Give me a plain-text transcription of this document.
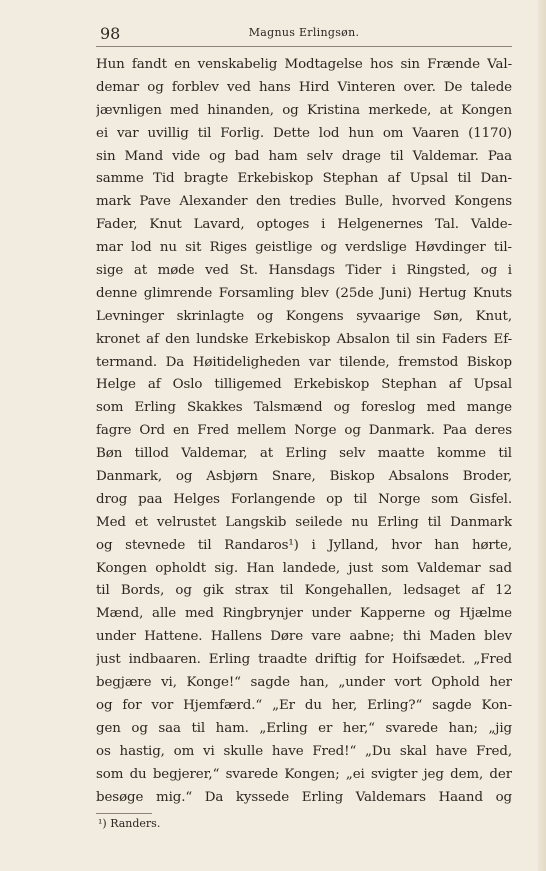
98	Magnus Erlingsøn.
Hun fandt en venskabelig Modtagelse hos sin Frænde Val-
demar og forblev ved hans Hird Vinteren over. De talede
jævnligen med hinanden, og Kristina merkede, at Kongen
ei var uvillig til Forlig. Dette lod hun om Vaaren (1170)
sin Mand vide og bad ham selv drage til Valdemar. Paa
samme Tid bragte Erkebiskop Stephan af Upsal til Dan-
mark Pave Alexander den tredies Bulle, hvorved Kongens
Fader, Knut Lavard, optoges i Helgenernes Tal. Valde-
mar lod nu sit Riges geistlige og verdslige Høvdinger til-
sige at møde ved St. Hansdags Tider i Ringsted, og i
denne glimrende Forsamling blev (25de Juni) Hertug Knuts
Levninger skrinlagte og Kongens syvaarige Søn, Knut,
kronet af den lundske Erkebiskop Absalon til sin Faders Ef-
termand. Da Høitideligheden var tilende, fremstod Biskop
Helge af Oslo tilligemed Erkebiskop Stephan af Upsal
som Erling Skakkes Talsmænd og foreslog med mange
fagre Ord en Fred mellem Norge og Danmark. Paa deres
Bøn tillod Valdemar, at Erling selv maatte komme til
Danmark, og Asbjørn Snare, Biskop Absalons Broder,
drog paa Helges Forlangende op til Norge som Gisfel.
Med et velrustet Langskib seilede nu Erling til Danmark
og stevnede til Randaros¹) i Jylland, hvor han hørte,
Kongen opholdt sig. Han landede, just som Valdemar sad
til Bords, og gik strax til Kongehallen, ledsaget af 12
Mænd, alle med Ringbrynjer under Kapperne og Hjælme
under Hattene. Hallens Døre vare aabne; thi Maden blev
just indbaaren. Erling traadte driftig for Hoifsædet. „Fred
begjære vi, Konge!“ sagde han, „under vort Ophold her
og for vor Hjemfærd.“ „Er du her, Erling?“ sagde Kon-
gen og saa til ham. „Erling er her,“ svarede han; „jig
os hastig, om vi skulle have Fred!“ „Du skal have Fred,
som du begjerer,“ svarede Kongen; „ei svigter jeg dem, der
besøge mig.“ Da kyssede Erling Valdemars Haand og
¹) Randers.
